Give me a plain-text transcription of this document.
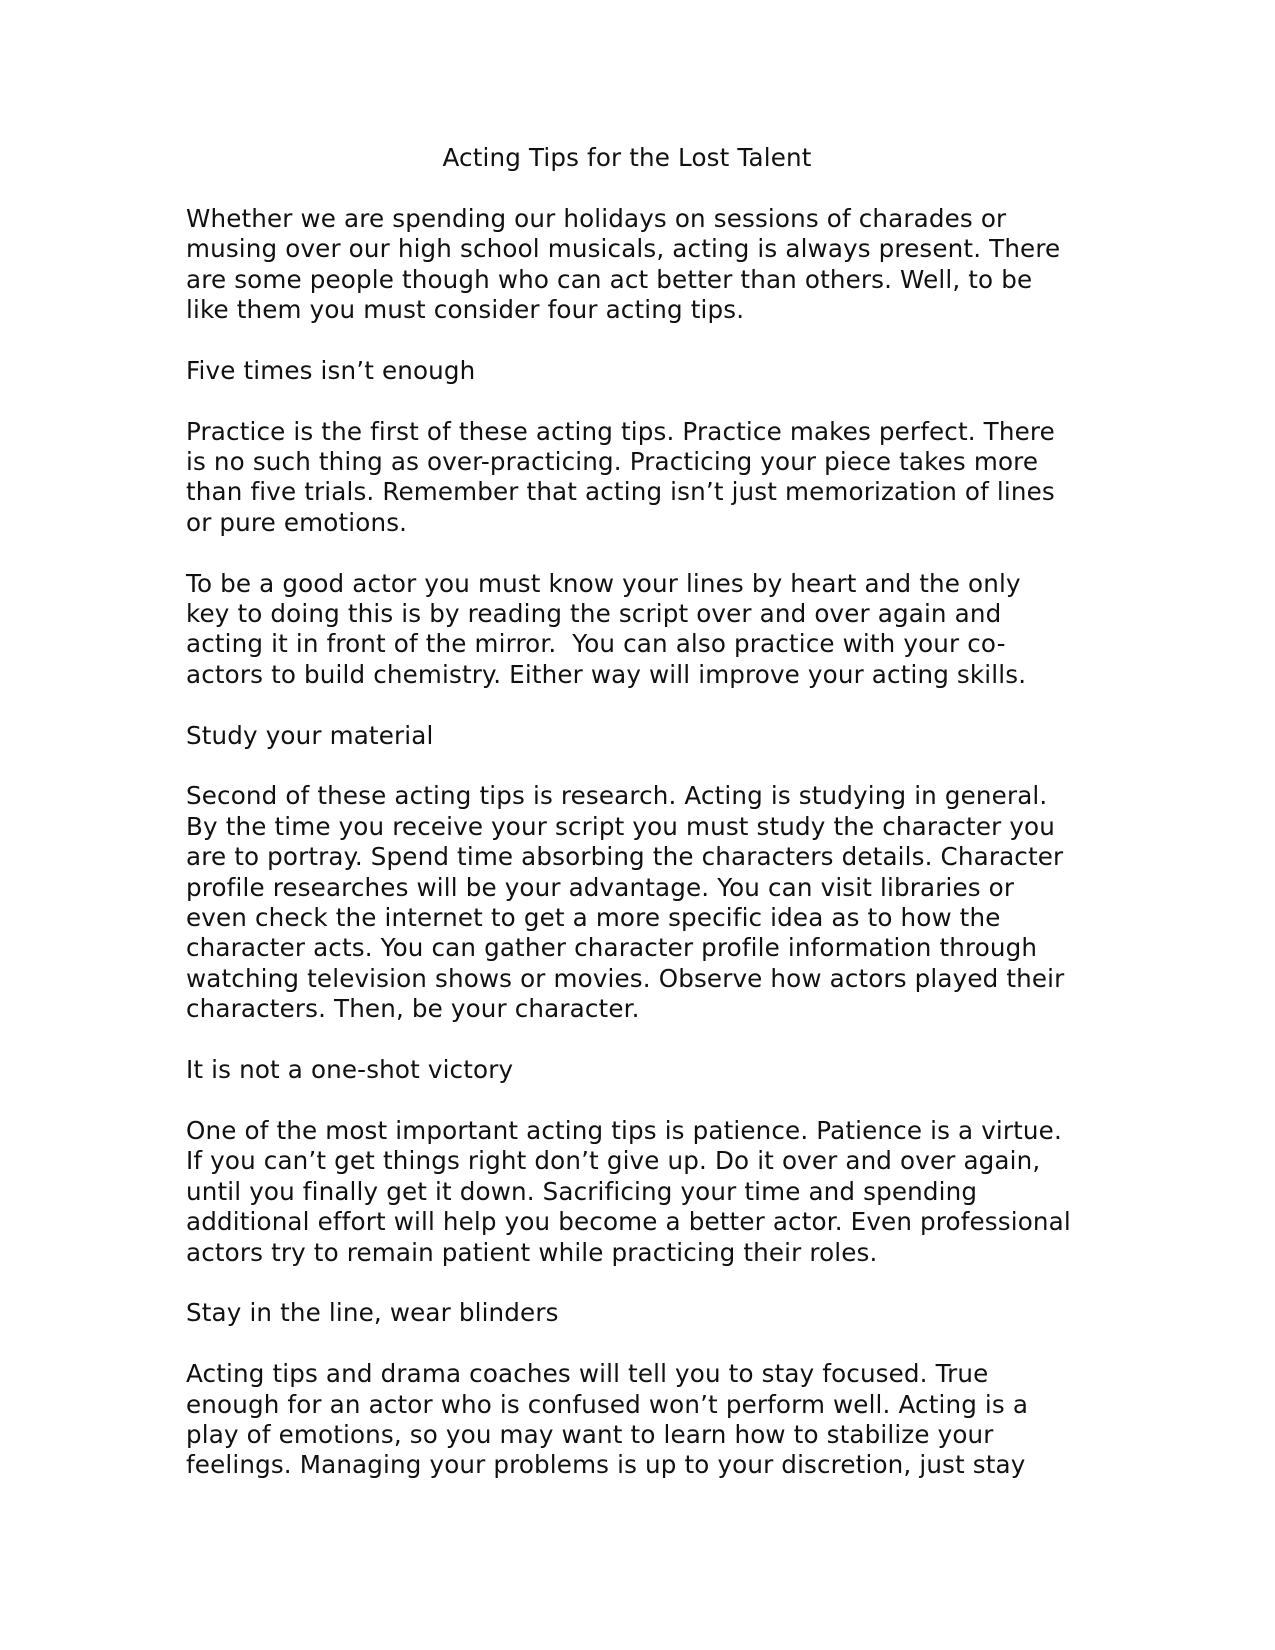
Acting Tips for the Lost Talent
Whether we are spending our holidays on sessions of charades or
musing over our high school musicals, acting is always present. There
are some people though who can act better than others. Well, to be
like them you must consider four acting tips.
Five times isn’t enough
Practice is the first of these acting tips. Practice makes perfect. There
is no such thing as over-practicing. Practicing your piece takes more
than five trials. Remember that acting isn’t just memorization of lines
or pure emotions.
To be a good actor you must know your lines by heart and the only
key to doing this is by reading the script over and over again and
acting it in front of the mirror.  You can also practice with your co-
actors to build chemistry. Either way will improve your acting skills.
Study your material
Second of these acting tips is research. Acting is studying in general.
By the time you receive your script you must study the character you
are to portray. Spend time absorbing the characters details. Character
profile researches will be your advantage. You can visit libraries or
even check the internet to get a more specific idea as to how the
character acts. You can gather character profile information through
watching television shows or movies. Observe how actors played their
characters. Then, be your character.
It is not a one-shot victory
One of the most important acting tips is patience. Patience is a virtue.
If you can’t get things right don’t give up. Do it over and over again,
until you finally get it down. Sacrificing your time and spending
additional effort will help you become a better actor. Even professional
actors try to remain patient while practicing their roles.
Stay in the line, wear blinders
Acting tips and drama coaches will tell you to stay focused. True
enough for an actor who is confused won’t perform well. Acting is a
play of emotions, so you may want to learn how to stabilize your
feelings. Managing your problems is up to your discretion, just stay
